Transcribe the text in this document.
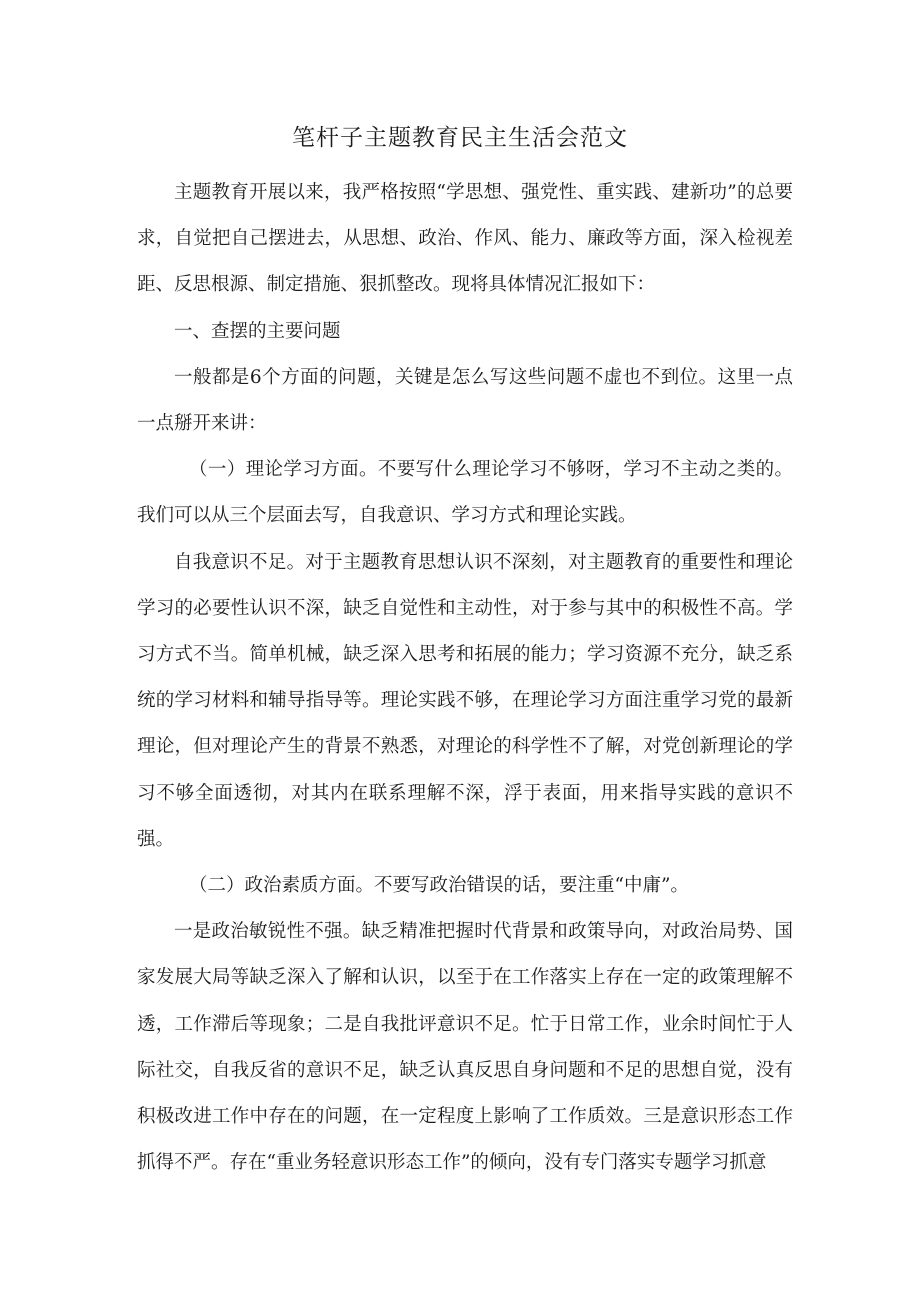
笔杆子主题教育民主生活会范文

主题教育开展以来，我严格按照“学思想、强党性、重实践、建新功”的总要求，自觉把自己摆进去，从思想、政治、作风、能力、廉政等方面，深入检视差距、反思根源、制定措施、狠抓整改。现将具体情况汇报如下：

一、查摆的主要问题

一般都是6个方面的问题，关键是怎么写这些问题不虚也不到位。这里一点一点掰开来讲：

（一）理论学习方面。不要写什么理论学习不够呀，学习不主动之类的。我们可以从三个层面去写，自我意识、学习方式和理论实践。

自我意识不足。对于主题教育思想认识不深刻，对主题教育的重要性和理论学习的必要性认识不深，缺乏自觉性和主动性，对于参与其中的积极性不高。学习方式不当。简单机械，缺乏深入思考和拓展的能力；学习资源不充分，缺乏系统的学习材料和辅导指导等。理论实践不够，在理论学习方面注重学习党的最新理论，但对理论产生的背景不熟悉，对理论的科学性不了解，对党创新理论的学习不够全面透彻，对其内在联系理解不深，浮于表面，用来指导实践的意识不强。

（二）政治素质方面。不要写政治错误的话，要注重“中庸”。

一是政治敏锐性不强。缺乏精准把握时代背景和政策导向，对政治局势、国家发展大局等缺乏深入了解和认识，以至于在工作落实上存在一定的政策理解不透，工作滞后等现象；二是自我批评意识不足。忙于日常工作，业余时间忙于人际社交，自我反省的意识不足，缺乏认真反思自身问题和不足的思想自觉，没有积极改进工作中存在的问题，在一定程度上影响了工作质效。三是意识形态工作抓得不严。存在“重业务轻意识形态工作”的倾向，没有专门落实专题学习抓意
